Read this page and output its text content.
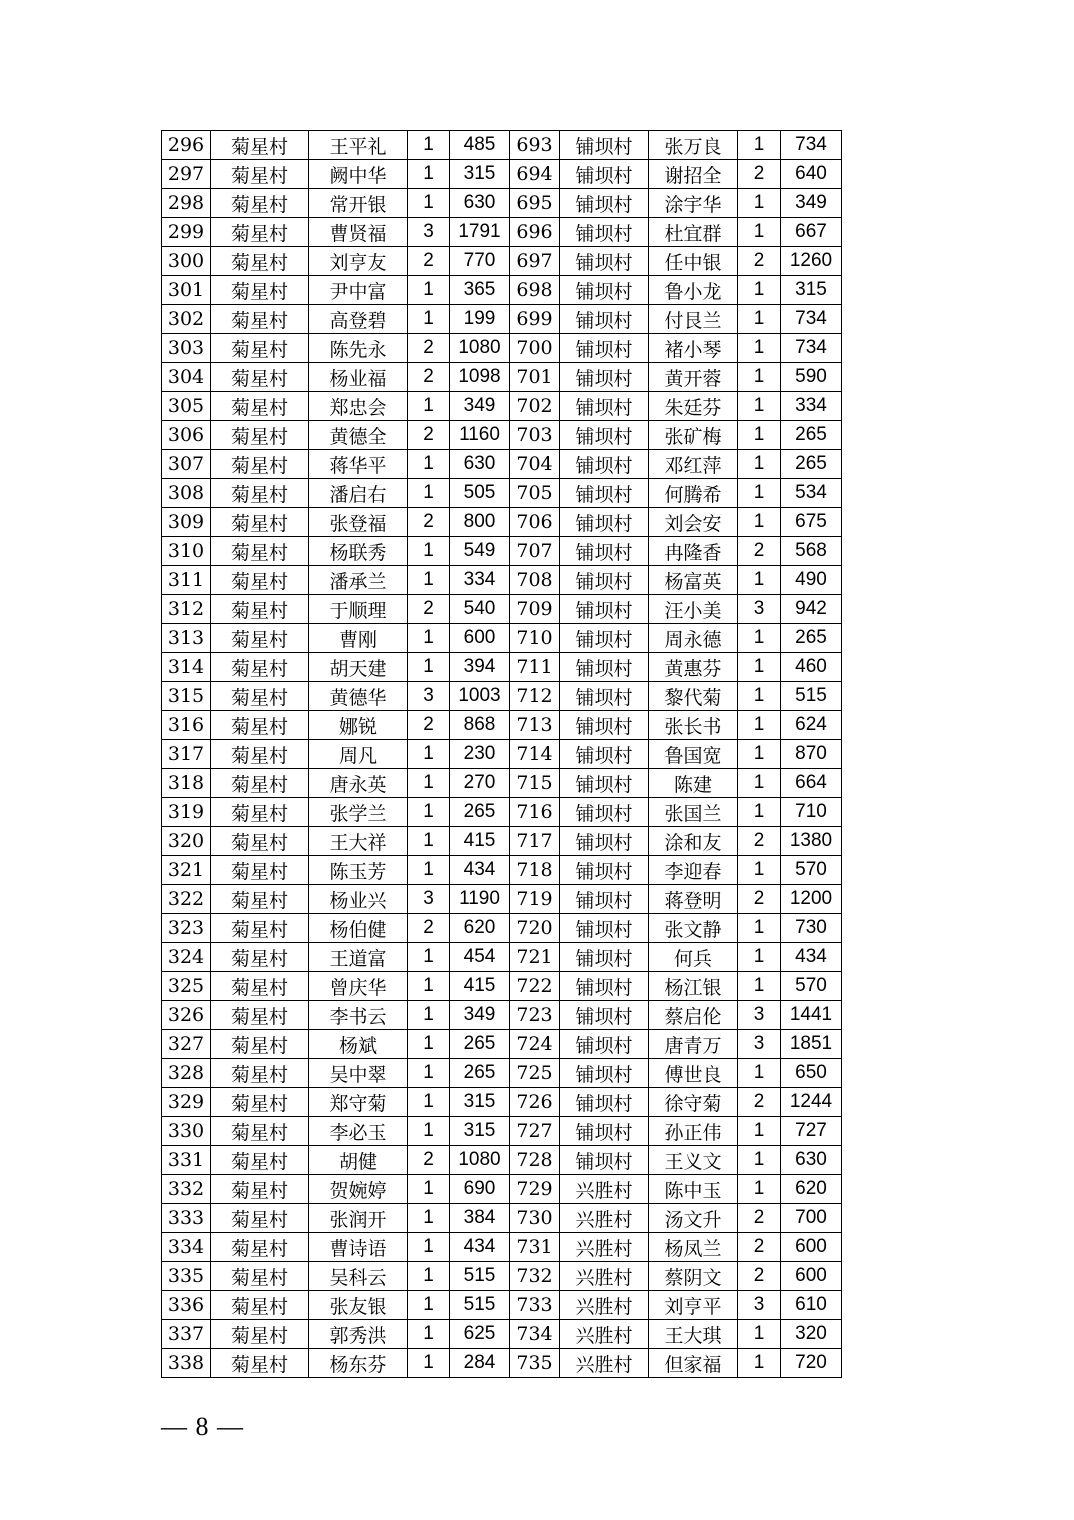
296	菊星村	王平礼	1	485	693	铺坝村	张万良	1	734
297	菊星村	阙中华	1	315	694	铺坝村	谢招全	2	640
298	菊星村	常开银	1	630	695	铺坝村	涂宇华	1	349
299	菊星村	曹贤福	3	1791	696	铺坝村	杜宜群	1	667
300	菊星村	刘亨友	2	770	697	铺坝村	任中银	2	1260
301	菊星村	尹中富	1	365	698	铺坝村	鲁小龙	1	315
302	菊星村	高登碧	1	199	699	铺坝村	付艮兰	1	734
303	菊星村	陈先永	2	1080	700	铺坝村	褚小琴	1	734
304	菊星村	杨业福	2	1098	701	铺坝村	黄开蓉	1	590
305	菊星村	郑忠会	1	349	702	铺坝村	朱廷芬	1	334
306	菊星村	黄德全	2	1160	703	铺坝村	张矿梅	1	265
307	菊星村	蒋华平	1	630	704	铺坝村	邓红萍	1	265
308	菊星村	潘启右	1	505	705	铺坝村	何腾希	1	534
309	菊星村	张登福	2	800	706	铺坝村	刘会安	1	675
310	菊星村	杨联秀	1	549	707	铺坝村	冉隆香	2	568
311	菊星村	潘承兰	1	334	708	铺坝村	杨富英	1	490
312	菊星村	于顺理	2	540	709	铺坝村	汪小美	3	942
313	菊星村	曹刚	1	600	710	铺坝村	周永德	1	265
314	菊星村	胡天建	1	394	711	铺坝村	黄惠芬	1	460
315	菊星村	黄德华	3	1003	712	铺坝村	黎代菊	1	515
316	菊星村	娜锐	2	868	713	铺坝村	张长书	1	624
317	菊星村	周凡	1	230	714	铺坝村	鲁国宽	1	870
318	菊星村	唐永英	1	270	715	铺坝村	陈建	1	664
319	菊星村	张学兰	1	265	716	铺坝村	张国兰	1	710
320	菊星村	王大祥	1	415	717	铺坝村	涂和友	2	1380
321	菊星村	陈玉芳	1	434	718	铺坝村	李迎春	1	570
322	菊星村	杨业兴	3	1190	719	铺坝村	蒋登明	2	1200
323	菊星村	杨伯健	2	620	720	铺坝村	张文静	1	730
324	菊星村	王道富	1	454	721	铺坝村	何兵	1	434
325	菊星村	曾庆华	1	415	722	铺坝村	杨江银	1	570
326	菊星村	李书云	1	349	723	铺坝村	蔡启伦	3	1441
327	菊星村	杨斌	1	265	724	铺坝村	唐青万	3	1851
328	菊星村	吴中翠	1	265	725	铺坝村	傅世良	1	650
329	菊星村	郑守菊	1	315	726	铺坝村	徐守菊	2	1244
330	菊星村	李必玉	1	315	727	铺坝村	孙正伟	1	727
331	菊星村	胡健	2	1080	728	铺坝村	王义文	1	630
332	菊星村	贺婉婷	1	690	729	兴胜村	陈中玉	1	620
333	菊星村	张润开	1	384	730	兴胜村	汤文升	2	700
334	菊星村	曹诗语	1	434	731	兴胜村	杨凤兰	2	600
335	菊星村	吴科云	1	515	732	兴胜村	蔡阴文	2	600
336	菊星村	张友银	1	515	733	兴胜村	刘亨平	3	610
337	菊星村	郭秀洪	1	625	734	兴胜村	王大琪	1	320
338	菊星村	杨东芬	1	284	735	兴胜村	但家福	1	720
— 8 —
